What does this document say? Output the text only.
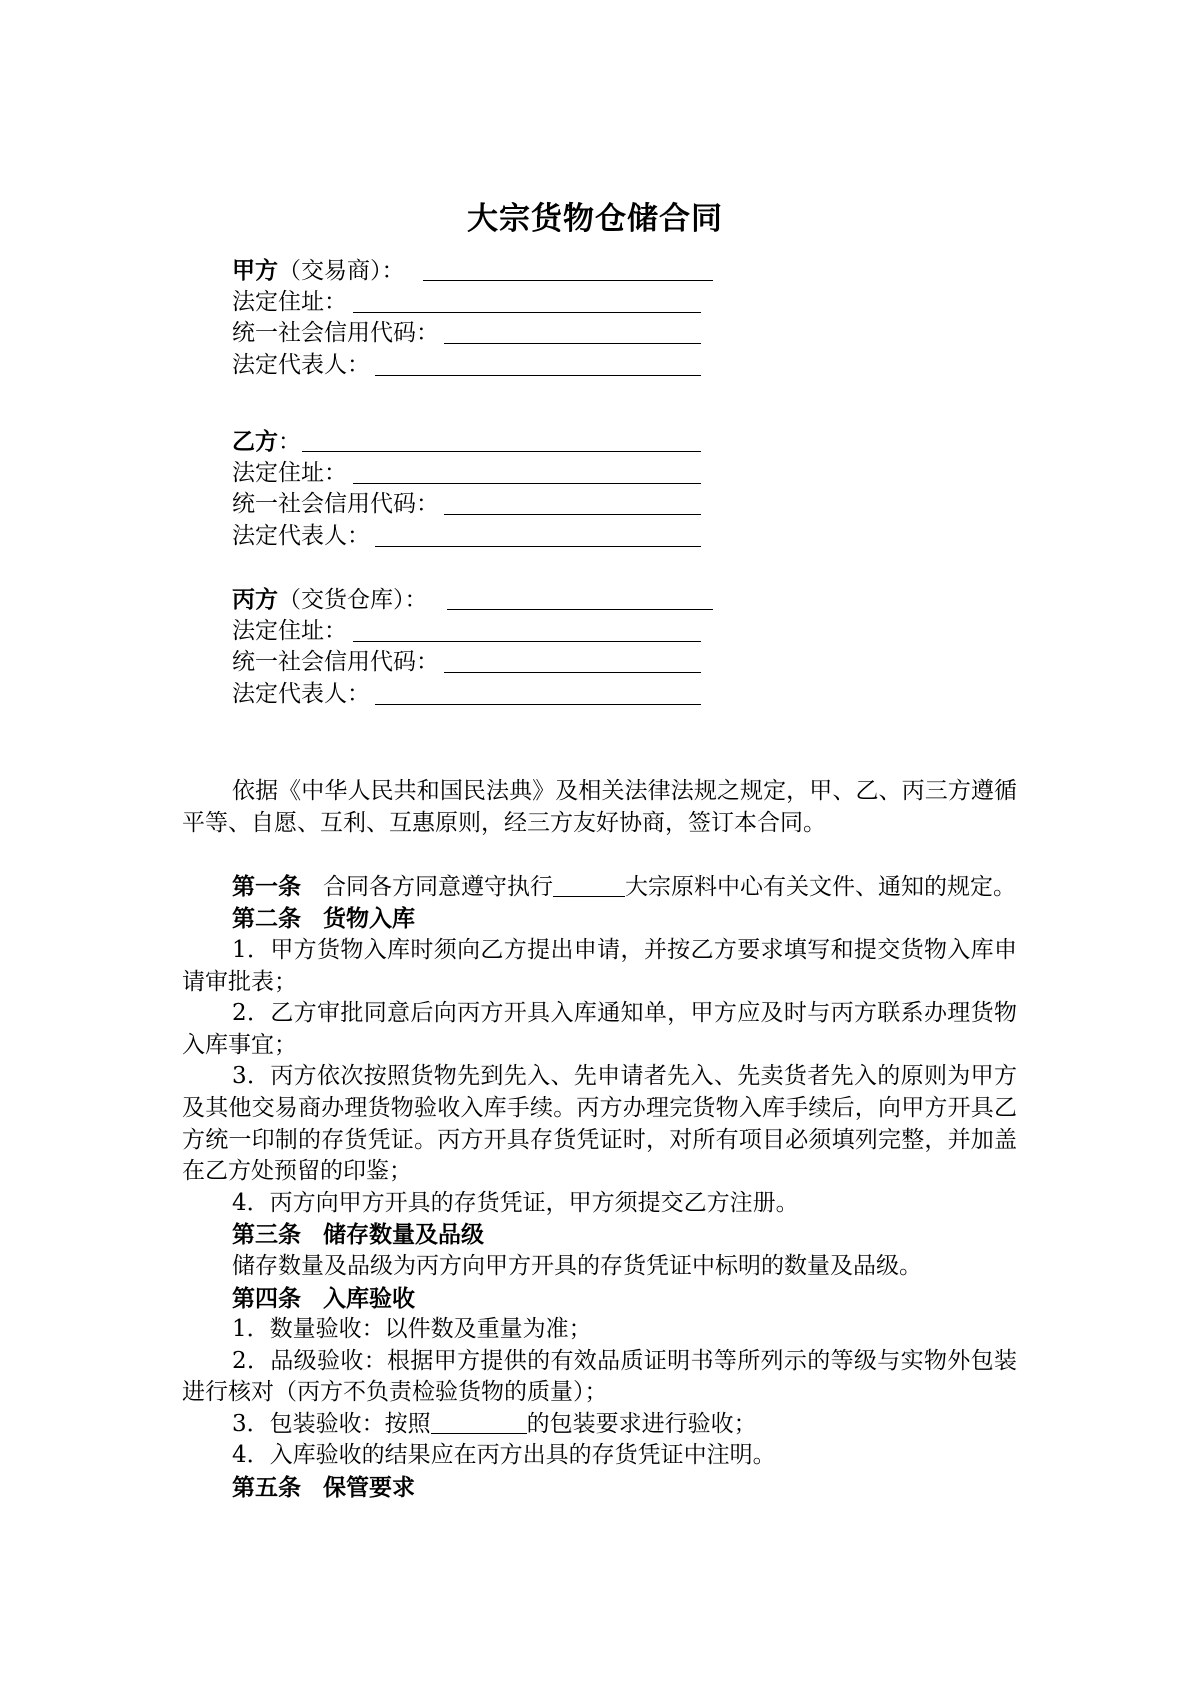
大宗货物仓储合同
甲方（交易商）：
法定住址：
统一社会信用代码：
法定代表人：
乙方：
法定住址：
统一社会信用代码：
法定代表人：
丙方（交货仓库）：
法定住址：
统一社会信用代码：
法定代表人：

依据《中华人民共和国民法典》及相关法律法规之规定，甲、乙、丙三方遵循平等、自愿、互利、互惠原则，经三方友好协商，签订本合同。

第一条 合同各方同意遵守执行	大宗原料中心有关文件、通知的规定。

第二条 货物入库

1．甲方货物入库时须向乙方提出申请，并按乙方要求填写和提交货物入库申请审批表；

2．乙方审批同意后向丙方开具入库通知单，甲方应及时与丙方联系办理货物入库事宜；

3．丙方依次按照货物先到先入、先申请者先入、先卖货者先入的原则为甲方及其他交易商办理货物验收入库手续。丙方办理完货物入库手续后，向甲方开具乙方统一印制的存货凭证。丙方开具存货凭证时，对所有项目必须填列完整，并加盖在乙方处预留的印鉴；

4．丙方向甲方开具的存货凭证，甲方须提交乙方注册。

第三条 储存数量及品级

储存数量及品级为丙方向甲方开具的存货凭证中标明的数量及品级。

第四条 入库验收

1．数量验收：以件数及重量为准；

2．品级验收：根据甲方提供的有效品质证明书等所列示的等级与实物外包装进行核对（丙方不负责检验货物的质量）；

3．包装验收：按照	的包装要求进行验收；

4．入库验收的结果应在丙方出具的存货凭证中注明。

第五条 保管要求
